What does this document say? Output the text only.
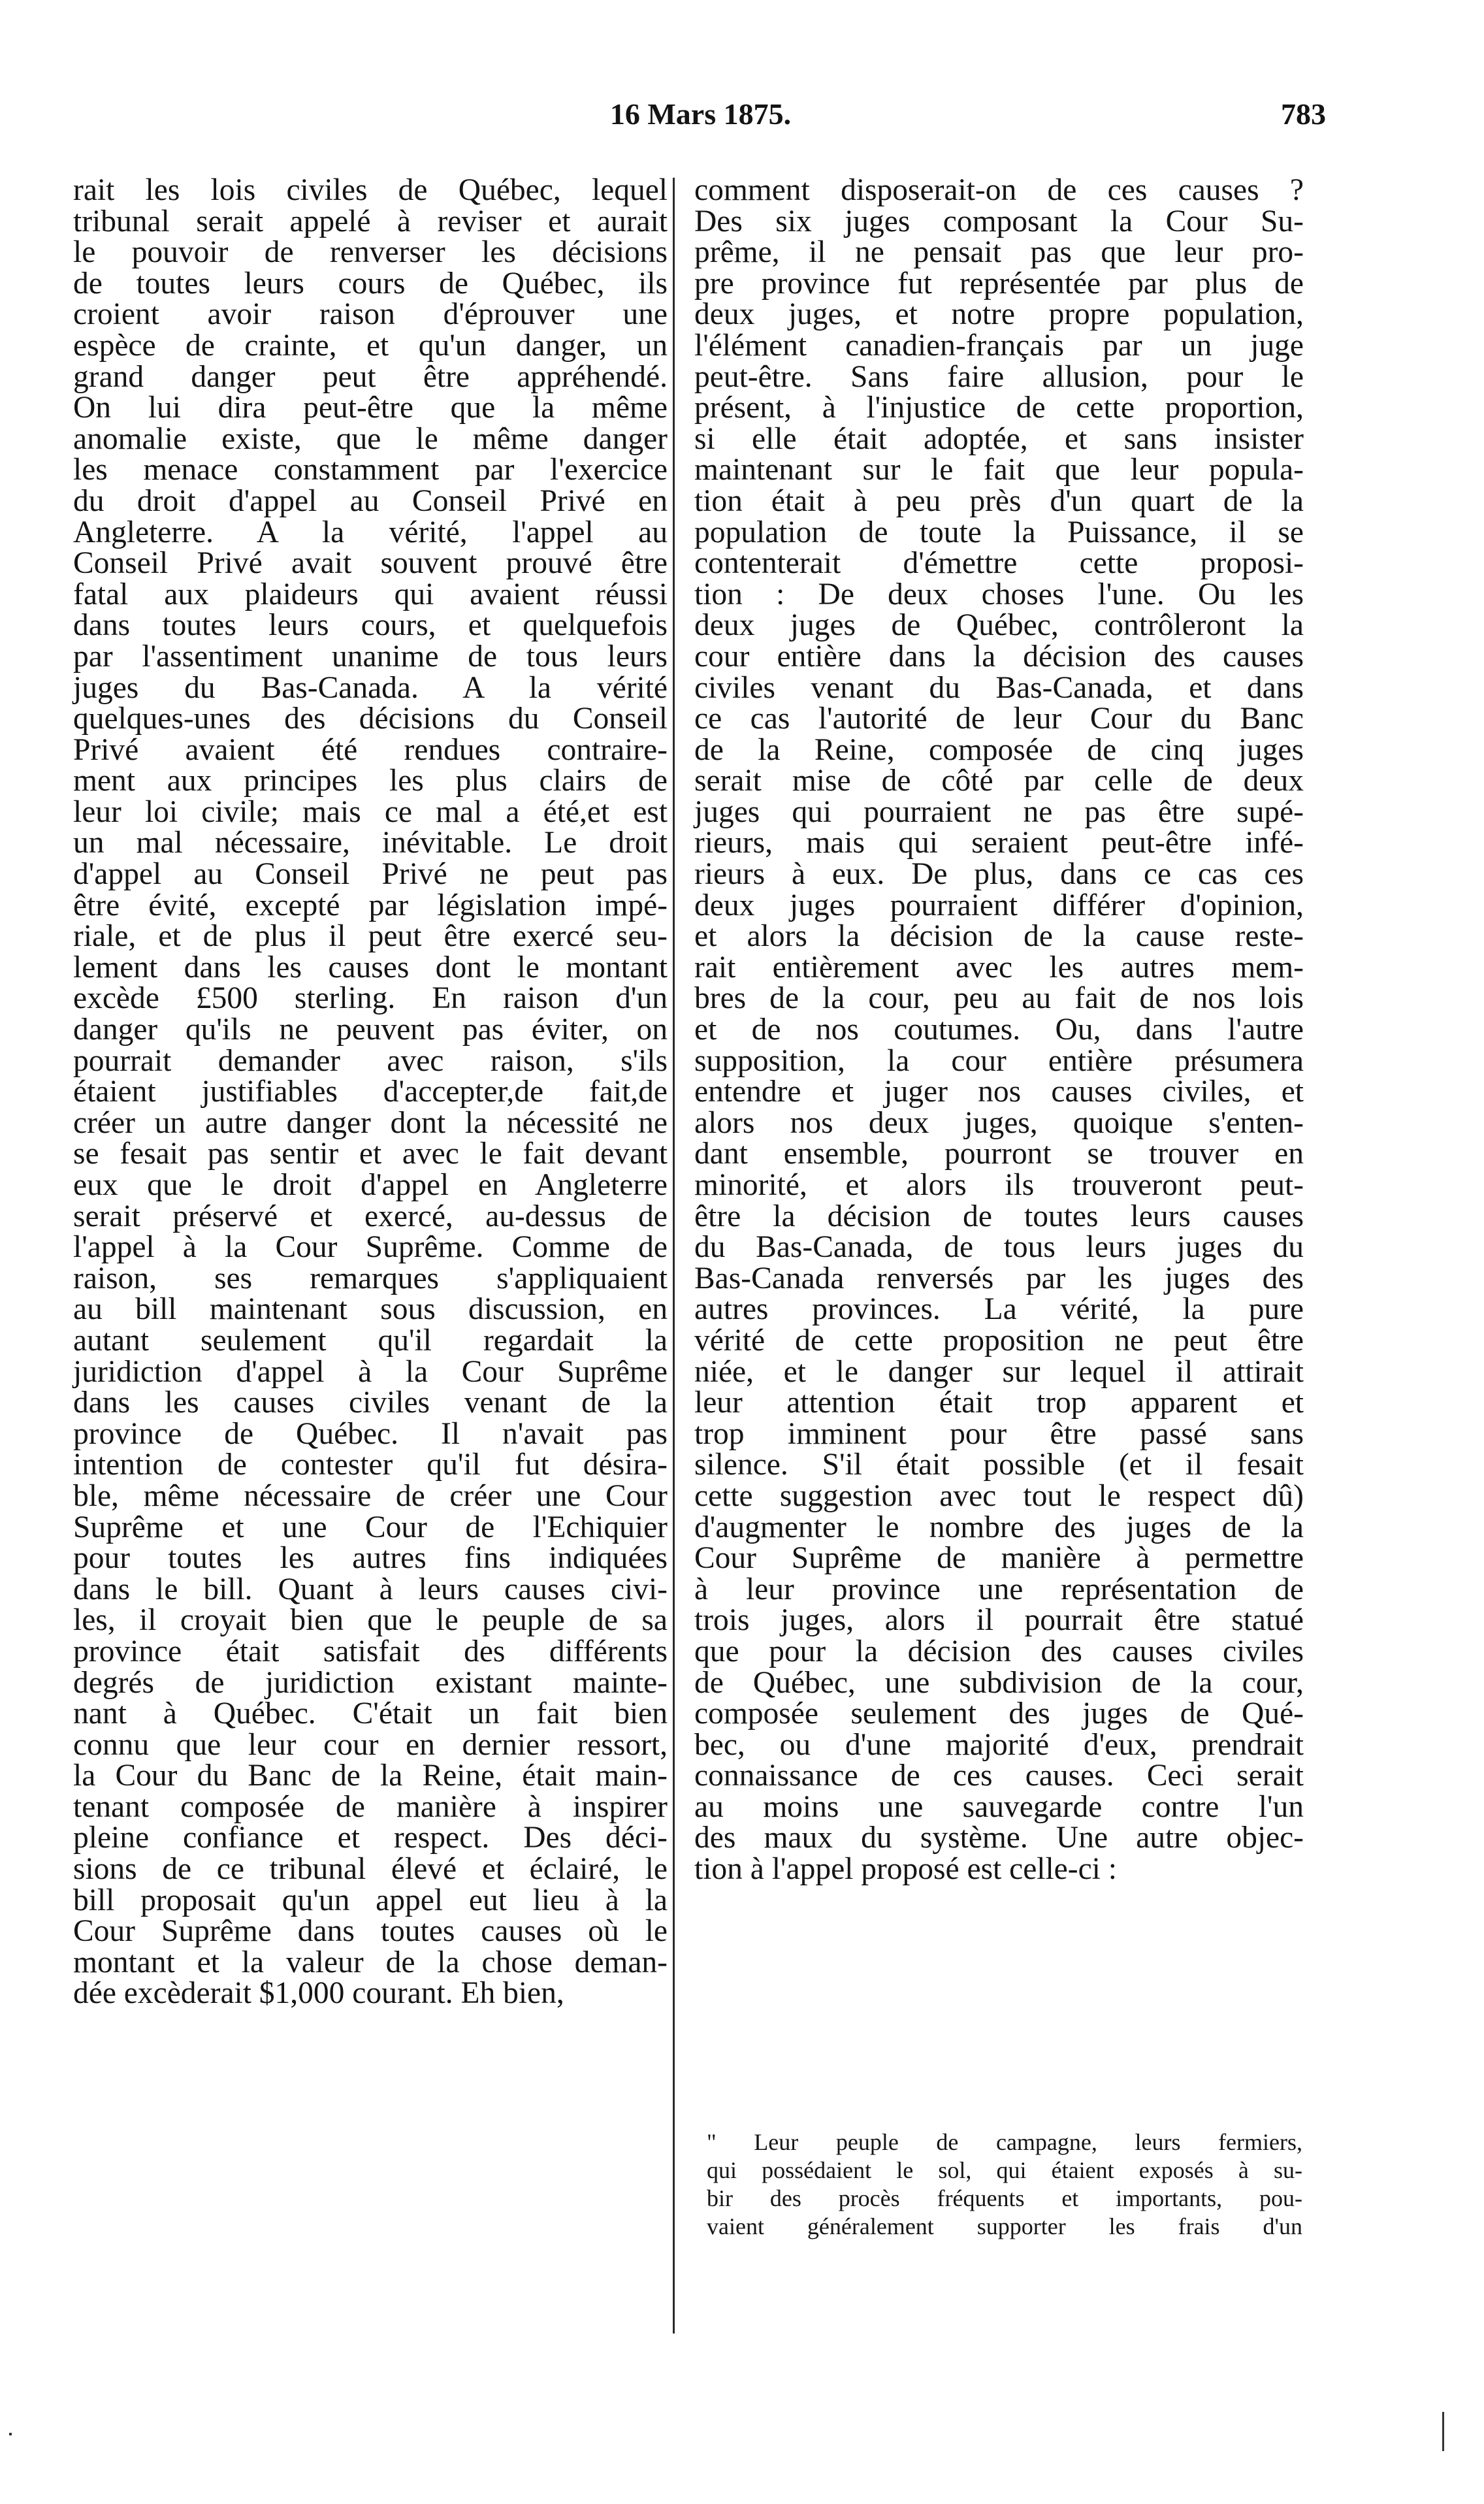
16 Mars 1875.	783
rait les lois civiles de Québec, lequel
tribunal serait appelé à reviser et aurait
le pouvoir de renverser les décisions
de toutes leurs cours de Québec, ils
croient avoir raison d'éprouver une
espèce de crainte, et qu'un danger, un
grand danger peut être appréhendé.
On lui dira peut-être que la même
anomalie existe, que le même danger
les menace constamment par l'exercice
du droit d'appel au Conseil Privé en
Angleterre. A la vérité, l'appel au
Conseil Privé avait souvent prouvé être
fatal aux plaideurs qui avaient réussi
dans toutes leurs cours, et quelquefois
par l'assentiment unanime de tous leurs
juges du Bas-Canada. A la vérité
quelques-unes des décisions du Conseil
Privé avaient été rendues contraire-
ment aux principes les plus clairs de
leur loi civile; mais ce mal a été,et est
un mal nécessaire, inévitable. Le droit
d'appel au Conseil Privé ne peut pas
être évité, excepté par législation impé-
riale, et de plus il peut être exercé seu-
lement dans les causes dont le montant
excède £500 sterling. En raison d'un
danger qu'ils ne peuvent pas éviter, on
pourrait demander avec raison, s'ils
étaient justifiables d'accepter,de fait,de
créer un autre danger dont la nécessité ne
se fesait pas sentir et avec le fait devant
eux que le droit d'appel en Angleterre
serait préservé et exercé, au-dessus de
l'appel à la Cour Suprême. Comme de
raison, ses remarques s'appliquaient
au bill maintenant sous discussion, en
autant seulement qu'il regardait la
juridiction d'appel à la Cour Suprême
dans les causes civiles venant de la
province de Québec. Il n'avait pas
intention de contester qu'il fut désira-
ble, même nécessaire de créer une Cour
Suprême et une Cour de l'Echiquier
pour toutes les autres fins indiquées
dans le bill. Quant à leurs causes civi-
les, il croyait bien que le peuple de sa
province était satisfait des différents
degrés de juridiction existant mainte-
nant à Québec. C'était un fait bien
connu que leur cour en dernier ressort,
la Cour du Banc de la Reine, était main-
tenant composée de manière à inspirer
pleine confiance et respect. Des déci-
sions de ce tribunal élevé et éclairé, le
bill proposait qu'un appel eut lieu à la
Cour Suprême dans toutes causes où le
montant et la valeur de la chose deman-
dée excèderait $1,000 courant. Eh bien,
comment disposerait-on de ces causes ?
Des six juges composant la Cour Su-
prême, il ne pensait pas que leur pro-
pre province fut représentée par plus de
deux juges, et notre propre population,
l'élément canadien-français par un juge
peut-être. Sans faire allusion, pour le
présent, à l'injustice de cette proportion,
si elle était adoptée, et sans insister
maintenant sur le fait que leur popula-
tion était à peu près d'un quart de la
population de toute la Puissance, il se
contenterait d'émettre cette proposi-
tion : De deux choses l'une. Ou les
deux juges de Québec, contrôleront la
cour entière dans la décision des causes
civiles venant du Bas-Canada, et dans
ce cas l'autorité de leur Cour du Banc
de la Reine, composée de cinq juges
serait mise de côté par celle de deux
juges qui pourraient ne pas être supé-
rieurs, mais qui seraient peut-être infé-
rieurs à eux. De plus, dans ce cas ces
deux juges pourraient différer d'opinion,
et alors la décision de la cause reste-
rait entièrement avec les autres mem-
bres de la cour, peu au fait de nos lois
et de nos coutumes. Ou, dans l'autre
supposition, la cour entière présumera
entendre et juger nos causes civiles, et
alors nos deux juges, quoique s'enten-
dant ensemble, pourront se trouver en
minorité, et alors ils trouveront peut-
être la décision de toutes leurs causes
du Bas-Canada, de tous leurs juges du
Bas-Canada renversés par les juges des
autres provinces. La vérité, la pure
vérité de cette proposition ne peut être
niée, et le danger sur lequel il attirait
leur attention était trop apparent et
trop imminent pour être passé sans
silence. S'il était possible (et il fesait
cette suggestion avec tout le respect dû)
d'augmenter le nombre des juges de la
Cour Suprême de manière à permettre
à leur province une représentation de
trois juges, alors il pourrait être statué
que pour la décision des causes civiles
de Québec, une subdivision de la cour,
composée seulement des juges de Qué-
bec, ou d'une majorité d'eux, prendrait
connaissance de ces causes. Ceci serait
au moins une sauvegarde contre l'un
des maux du système. Une autre objec-
tion à l'appel proposé est celle-ci :
" Leur peuple de campagne, leurs fermiers,
qui possédaient le sol, qui étaient exposés à su-
bir des procès fréquents et importants, pou-
vaient généralement supporter les frais d'un
